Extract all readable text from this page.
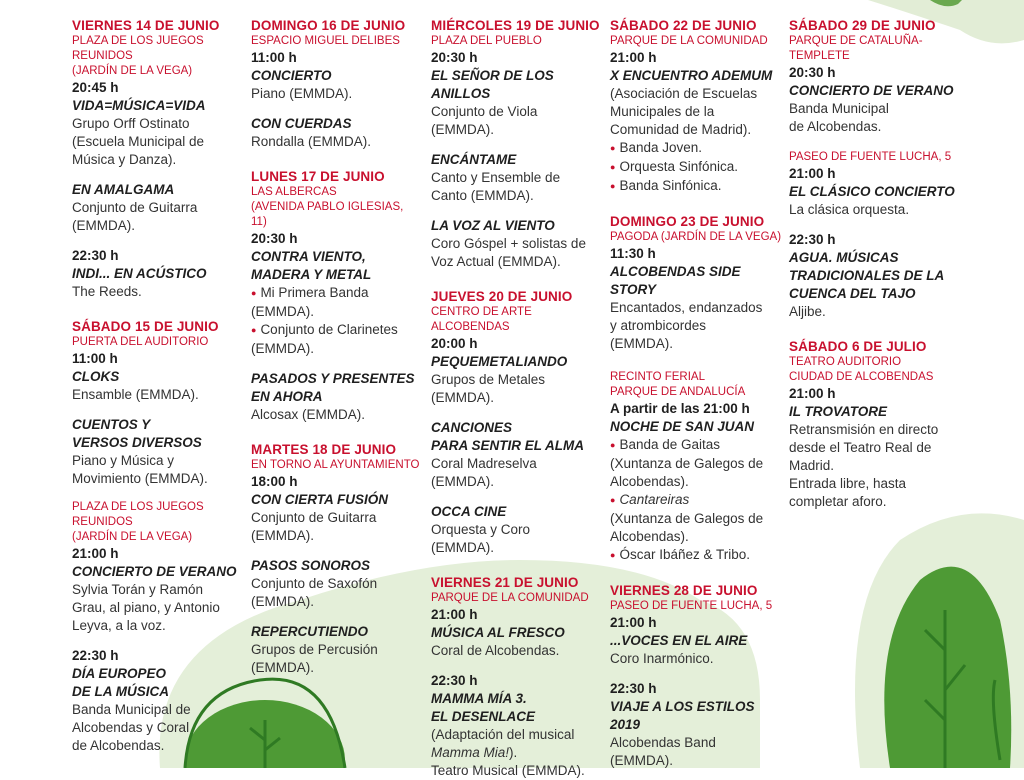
VIERNES 14 DE JUNIO
PLAZA DE LOS JUEGOS
REUNIDOS
(JARDÍN DE LA VEGA)
20:45 h
VIDA=MÚSICA=VIDA
Grupo Orff Ostinato
(Escuela Municipal de
Música y Danza).
EN AMALGAMA
Conjunto de Guitarra
(EMMDA).
22:30 h
INDI... EN ACÚSTICO
The Reeds.
SÁBADO 15 DE JUNIO
PUERTA DEL AUDITORIO
11:00 h
CLOKS
Ensamble (EMMDA).
CUENTOS Y
VERSOS DIVERSOS
Piano y Música y
Movimiento (EMMDA).
PLAZA DE LOS JUEGOS
REUNIDOS
(JARDÍN DE LA VEGA)
21:00 h
CONCIERTO DE VERANO
Sylvia Torán y Ramón
Grau, al piano, y Antonio
Leyva, a la voz.
22:30 h
DÍA EUROPEO
DE LA MÚSICA
Banda Municipal de
Alcobendas y Coral
de Alcobendas.
DOMINGO 16 DE JUNIO
ESPACIO MIGUEL DELIBES
11:00 h
CONCIERTO
Piano (EMMDA).
CON CUERDAS
Rondalla (EMMDA).
LUNES 17 DE JUNIO
LAS ALBERCAS
(AVENIDA PABLO IGLESIAS, 11)
20:30 h
CONTRA VIENTO,
MADERA Y METAL
● Mi Primera Banda
(EMMDA).
● Conjunto de Clarinetes
(EMMDA).
PASADOS Y PRESENTES
EN AHORA
Alcosax (EMMDA).
MARTES 18 DE JUNIO
EN TORNO AL AYUNTAMIENTO
18:00 h
CON CIERTA FUSIÓN
Conjunto de Guitarra
(EMMDA).
PASOS SONOROS
Conjunto de Saxofón
(EMMDA).
REPERCUTIENDO
Grupos de Percusión
(EMMDA).
MIÉRCOLES 19 DE JUNIO
PLAZA DEL PUEBLO
20:30 h
EL SEÑOR DE LOS ANILLOS
Conjunto de Viola
(EMMDA).
ENCÁNTAME
Canto y Ensemble de
Canto (EMMDA).
LA VOZ AL VIENTO
Coro Góspel + solistas de
Voz Actual (EMMDA).
JUEVES 20 DE JUNIO
CENTRO DE ARTE
ALCOBENDAS
20:00 h
PEQUEMETALIANDO
Grupos de Metales
(EMMDA).
CANCIONES
PARA SENTIR EL ALMA
Coral Madreselva
(EMMDA).
OCCA CINE
Orquesta y Coro
(EMMDA).
VIERNES 21 DE JUNIO
PARQUE DE LA COMUNIDAD
21:00 h
MÚSICA AL FRESCO
Coral de Alcobendas.
22:30 h
MAMMA MÍA 3.
EL DESENLACE
(Adaptación del musical
Mamma Mia!).
Teatro Musical (EMMDA).
SÁBADO 22 DE JUNIO
PARQUE DE LA COMUNIDAD
21:00 h
X ENCUENTRO ADEMUM
(Asociación de Escuelas
Municipales de la
Comunidad de Madrid).
● Banda Joven.
● Orquesta Sinfónica.
● Banda Sinfónica.
DOMINGO 23 DE JUNIO
PAGODA (JARDÍN DE LA VEGA)
11:30 h
ALCOBENDAS SIDE STORY
Encantados, endanzados
y atrombicordes
(EMMDA).
RECINTO FERIAL
PARQUE DE ANDALUCÍA
A partir de las 21:00 h
NOCHE DE SAN JUAN
● Banda de Gaitas
(Xuntanza de Galegos de
Alcobendas).
● Cantareiras
(Xuntanza de Galegos de
Alcobendas).
● Óscar Ibáñez & Tribo.
VIERNES 28 DE JUNIO
PASEO DE FUENTE LUCHA, 5
21:00 h
...VOCES EN EL AIRE
Coro Inarmónico.
22:30 h
VIAJE A LOS ESTILOS 2019
Alcobendas Band
(EMMDA).
SÁBADO 29 DE JUNIO
PARQUE DE CATALUÑA-
TEMPLETE
20:30 h
CONCIERTO DE VERANO
Banda Municipal
de Alcobendas.
PASEO DE FUENTE LUCHA, 5
21:00 h
EL CLÁSICO CONCIERTO
La clásica orquesta.
22:30 h
AGUA. MÚSICAS
TRADICIONALES DE LA
CUENCA DEL TAJO
Aljibe.
SÁBADO 6 DE JULIO
TEATRO AUDITORIO
CIUDAD DE ALCOBENDAS
21:00 h
IL TROVATORE
Retransmisión en directo
desde el Teatro Real de
Madrid.
Entrada libre, hasta
completar aforo.
